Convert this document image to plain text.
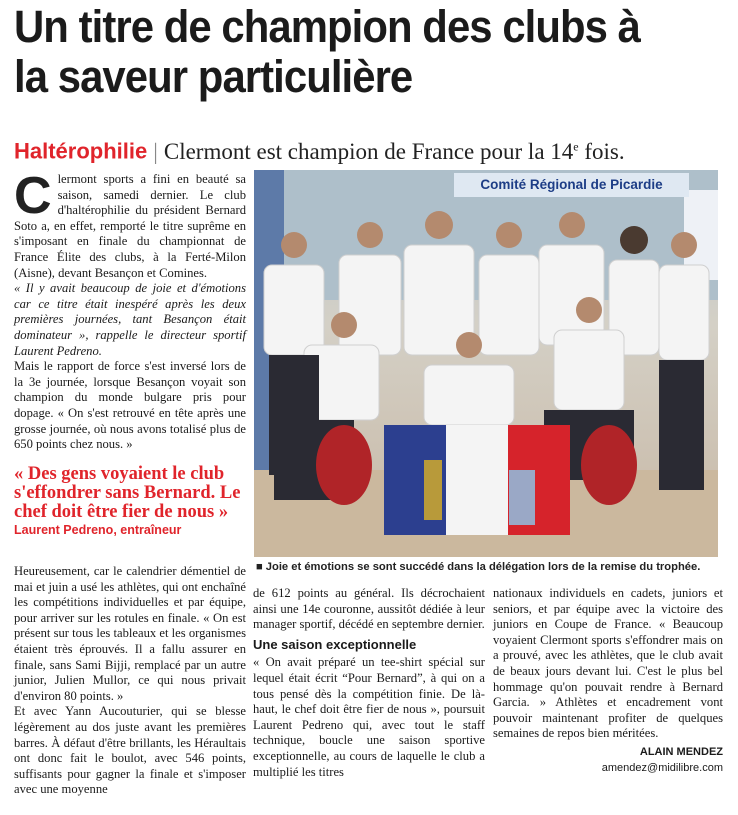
Un titre de champion des clubs à la saveur particulière
Haltérophilie | Clermont est champion de France pour la 14e fois.
C lermont sports a fini en beauté sa saison, samedi dernier. Le club d'haltérophilie du président Bernard Soto a, en effet, remporté le titre suprême en s'imposant en finale du championnat de France Élite des clubs, à la Ferté-Milon (Aisne), devant Besançon et Comines.

« Il y avait beaucoup de joie et d'émotions car ce titre était inespéré après les deux premières journées, tant Besançon était dominateur », rappelle le directeur sportif Laurent Pedreno.

Mais le rapport de force s'est inversé lors de la 3e journée, lorsque Besançon voyait son champion du monde bulgare pris pour dopage. « On s'est retrouvé en tête après une grosse journée, où nous avons totalisé plus de 650 points chez nous. »

« Des gens voyaient le club s'effondrer sans Bernard. Le chef doit être fier de nous »

Laurent Pedreno, entraîneur

Heureusement, car le calendrier démentiel de mai et juin a usé les athlètes, qui ont enchaîné les compétitions individuelles et par équipe, pour arriver sur les rotules en finale. « On est présent sur tous les tableaux et les organismes étaient très éprouvés. Il a fallu assurer en finale, sans Sami Bijji, remplacé par un autre junior, Julien Mullor, ce qui nous privait d'environ 80 points. »

Et avec Yann Aucouturier, qui se blesse légèrement au dos juste avant les premières barres. À défaut d'être brillants, les Héraultais ont donc fait le boulot, avec 546 points, suffisants pour gagner la finale et s'imposer avec une moyenne

Comité Régional de Picardie
■ Joie et émotions se sont succédé dans la délégation lors de la remise du trophée.

de 612 points au général. Ils décrochaient ainsi une 14e couronne, aussitôt dédiée à leur manager sportif, décédé en septembre dernier.

Une saison exceptionnelle

« On avait préparé un tee-shirt spécial sur lequel était écrit “Pour Bernard”, à qui on a tous pensé dès la compétition finie. De là-haut, le chef doit être fier de nous », poursuit Laurent Pedreno qui, avec tout le staff technique, boucle une saison sportive exceptionnelle, au cours de laquelle le club a multiplié les titres

nationaux individuels en cadets, juniors et seniors, et par équipe avec la victoire des juniors en Coupe de France. « Beaucoup voyaient Clermont sports s'effondrer mais on a prouvé, avec les athlètes, que le club avait de beaux jours devant lui. C'est le plus bel hommage qu'on pouvait rendre à Bernard Garcia. » Athlètes et encadrement vont pouvoir maintenant profiter de quelques semaines de repos bien méritées.

ALAIN MENDEZ
amendez@midilibre.com
